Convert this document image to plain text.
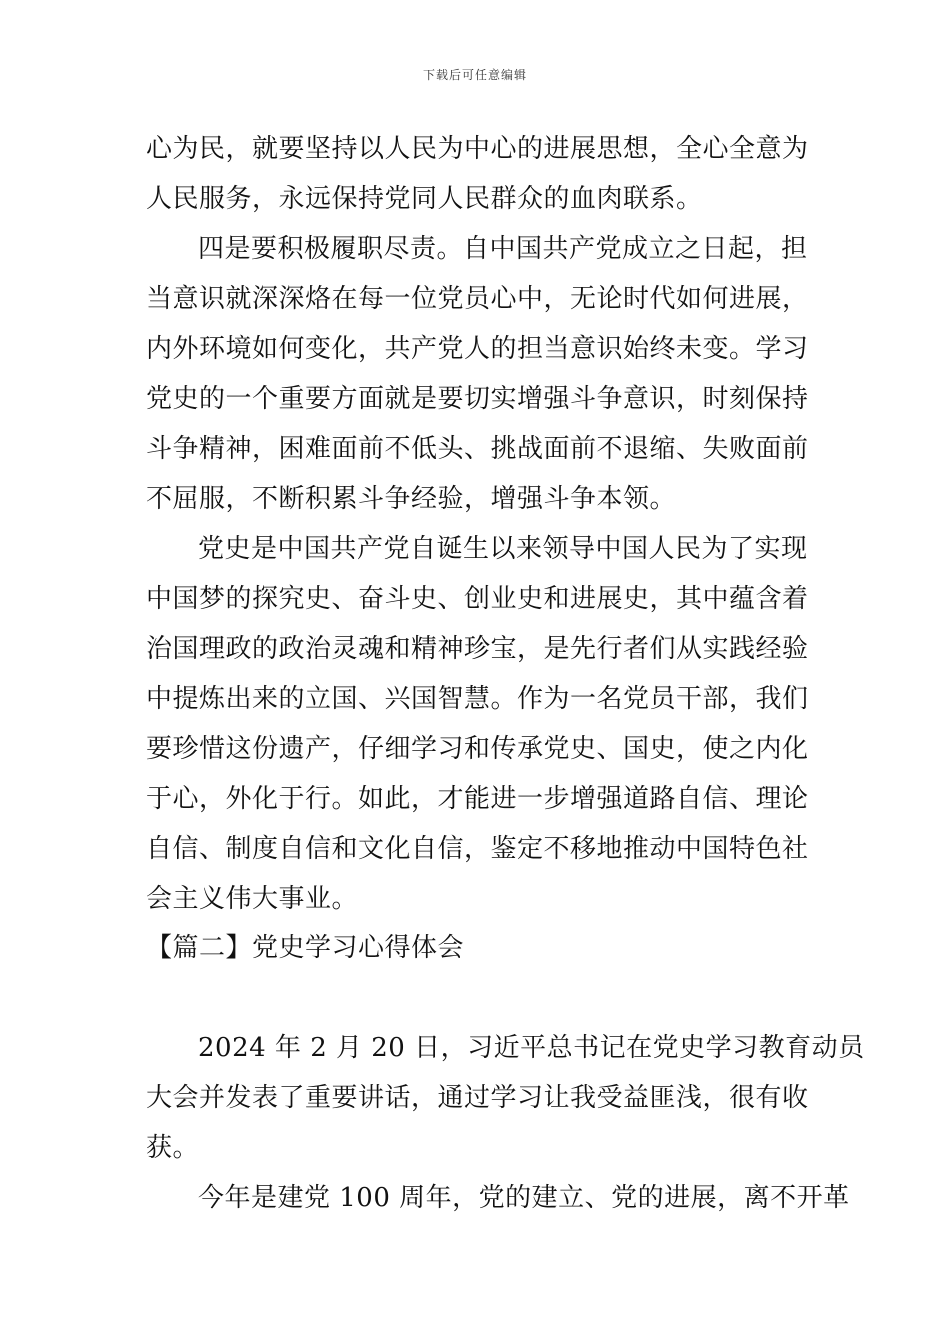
下载后可任意编辑
心为民，就要坚持以人民为中心的进展思想，全心全意为
人民服务，永远保持党同人民群众的血肉联系。
四是要积极履职尽责。自中国共产党成立之日起，担
当意识就深深烙在每一位党员心中，无论时代如何进展，
内外环境如何变化，共产党人的担当意识始终未变。学习
党史的一个重要方面就是要切实增强斗争意识，时刻保持
斗争精神，困难面前不低头、挑战面前不退缩、失败面前
不屈服，不断积累斗争经验，增强斗争本领。
党史是中国共产党自诞生以来领导中国人民为了实现
中国梦的探究史、奋斗史、创业史和进展史，其中蕴含着
治国理政的政治灵魂和精神珍宝，是先行者们从实践经验
中提炼出来的立国、兴国智慧。作为一名党员干部，我们
要珍惜这份遗产，仔细学习和传承党史、国史，使之内化
于心，外化于行。如此，才能进一步增强道路自信、理论
自信、制度自信和文化自信，鉴定不移地推动中国特色社
会主义伟大事业。
【篇二】党史学习心得体会
2024 年 2 月 20 日，习近平总书记在党史学习教育动员
大会并发表了重要讲话，通过学习让我受益匪浅，很有收
获。
今年是建党 100 周年，党的建立、党的进展，离不开革
